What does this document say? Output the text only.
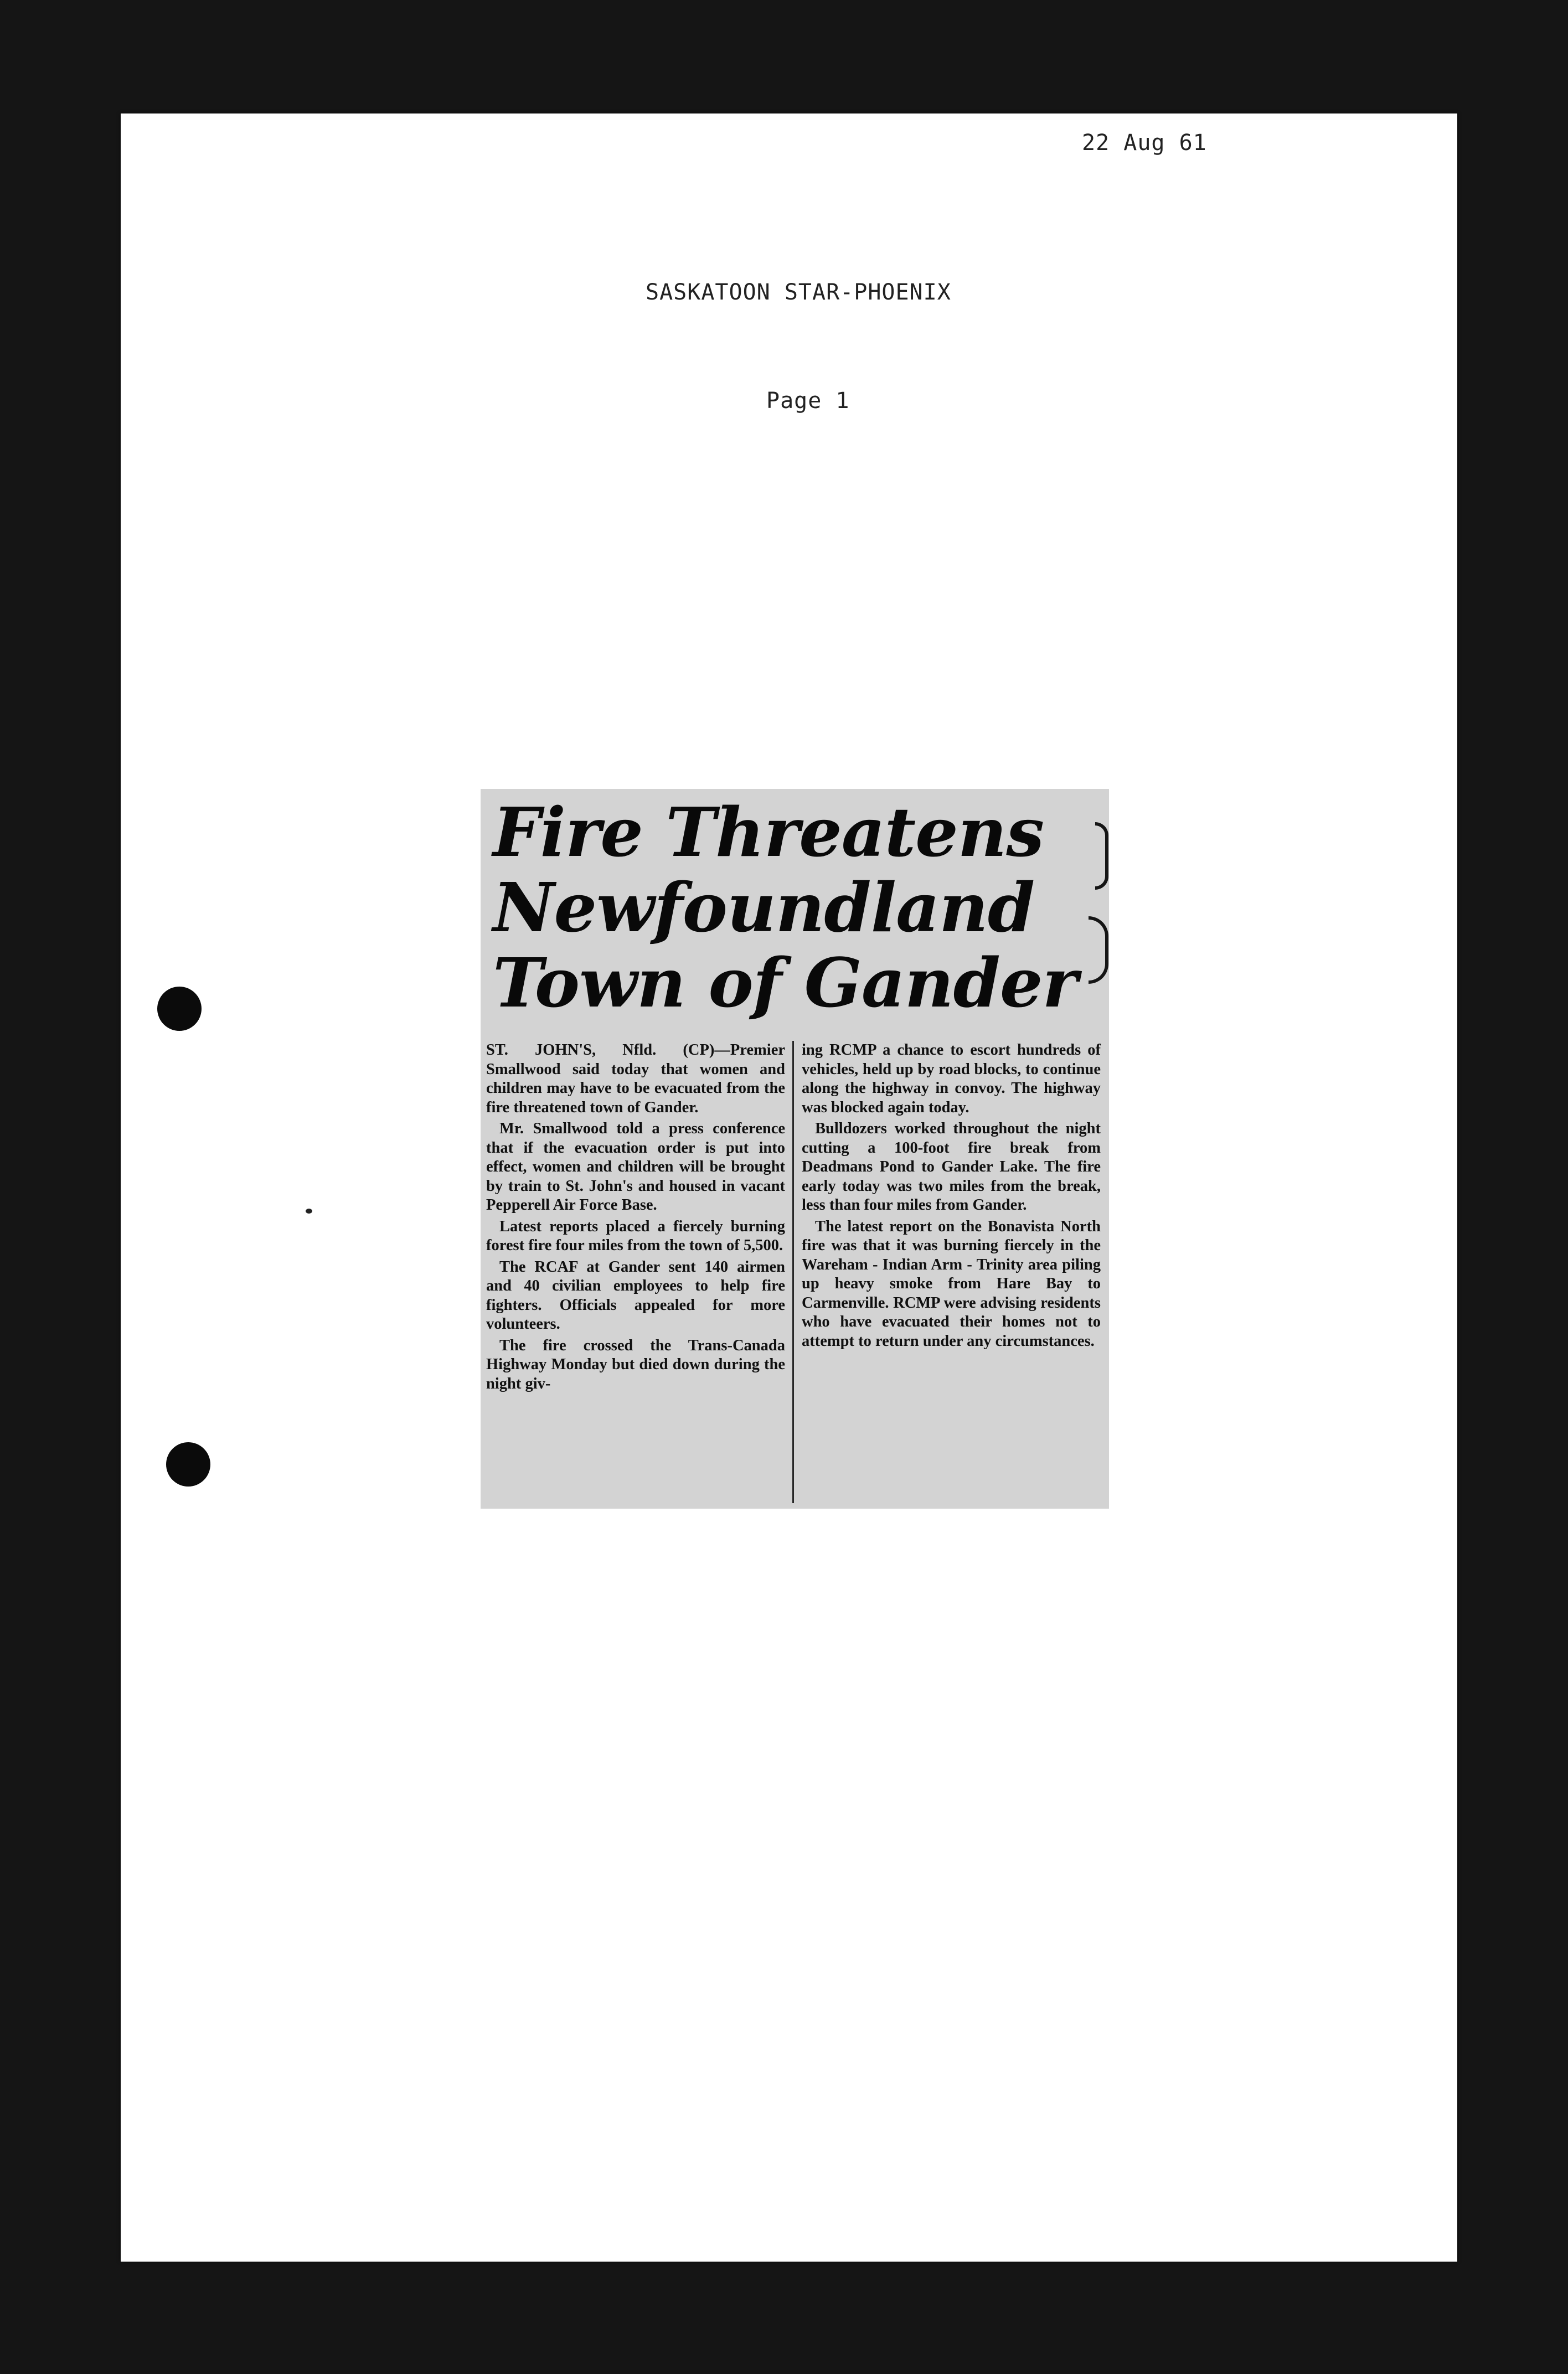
22 Aug 61
SASKATOON STAR-PHOENIX
Page 1
Fire Threatens
Newfoundland
Town of Gander

ST. JOHN'S, Nfld. (CP)—Premier Smallwood said today that women and children may have to be evacuated from the fire threatened town of Gander.

Mr. Smallwood told a press conference that if the evacuation order is put into effect, women and children will be brought by train to St. John's and housed in vacant Pepperell Air Force Base.

Latest reports placed a fiercely burning forest fire four miles from the town of 5,500.

The RCAF at Gander sent 140 airmen and 40 civilian employees to help fire fighters. Officials appealed for more volunteers.

The fire crossed the Trans-Canada Highway Monday but died down during the night giv-

ing RCMP a chance to escort hundreds of vehicles, held up by road blocks, to continue along the highway in convoy. The highway was blocked again today.

Bulldozers worked throughout the night cutting a 100-foot fire break from Deadmans Pond to Gander Lake. The fire early today was two miles from the break, less than four miles from Gander.

The latest report on the Bonavista North fire was that it was burning fiercely in the Wareham - Indian Arm - Trinity area piling up heavy smoke from Hare Bay to Carmenville. RCMP were advising residents who have evacuated their homes not to attempt to return under any circumstances.
